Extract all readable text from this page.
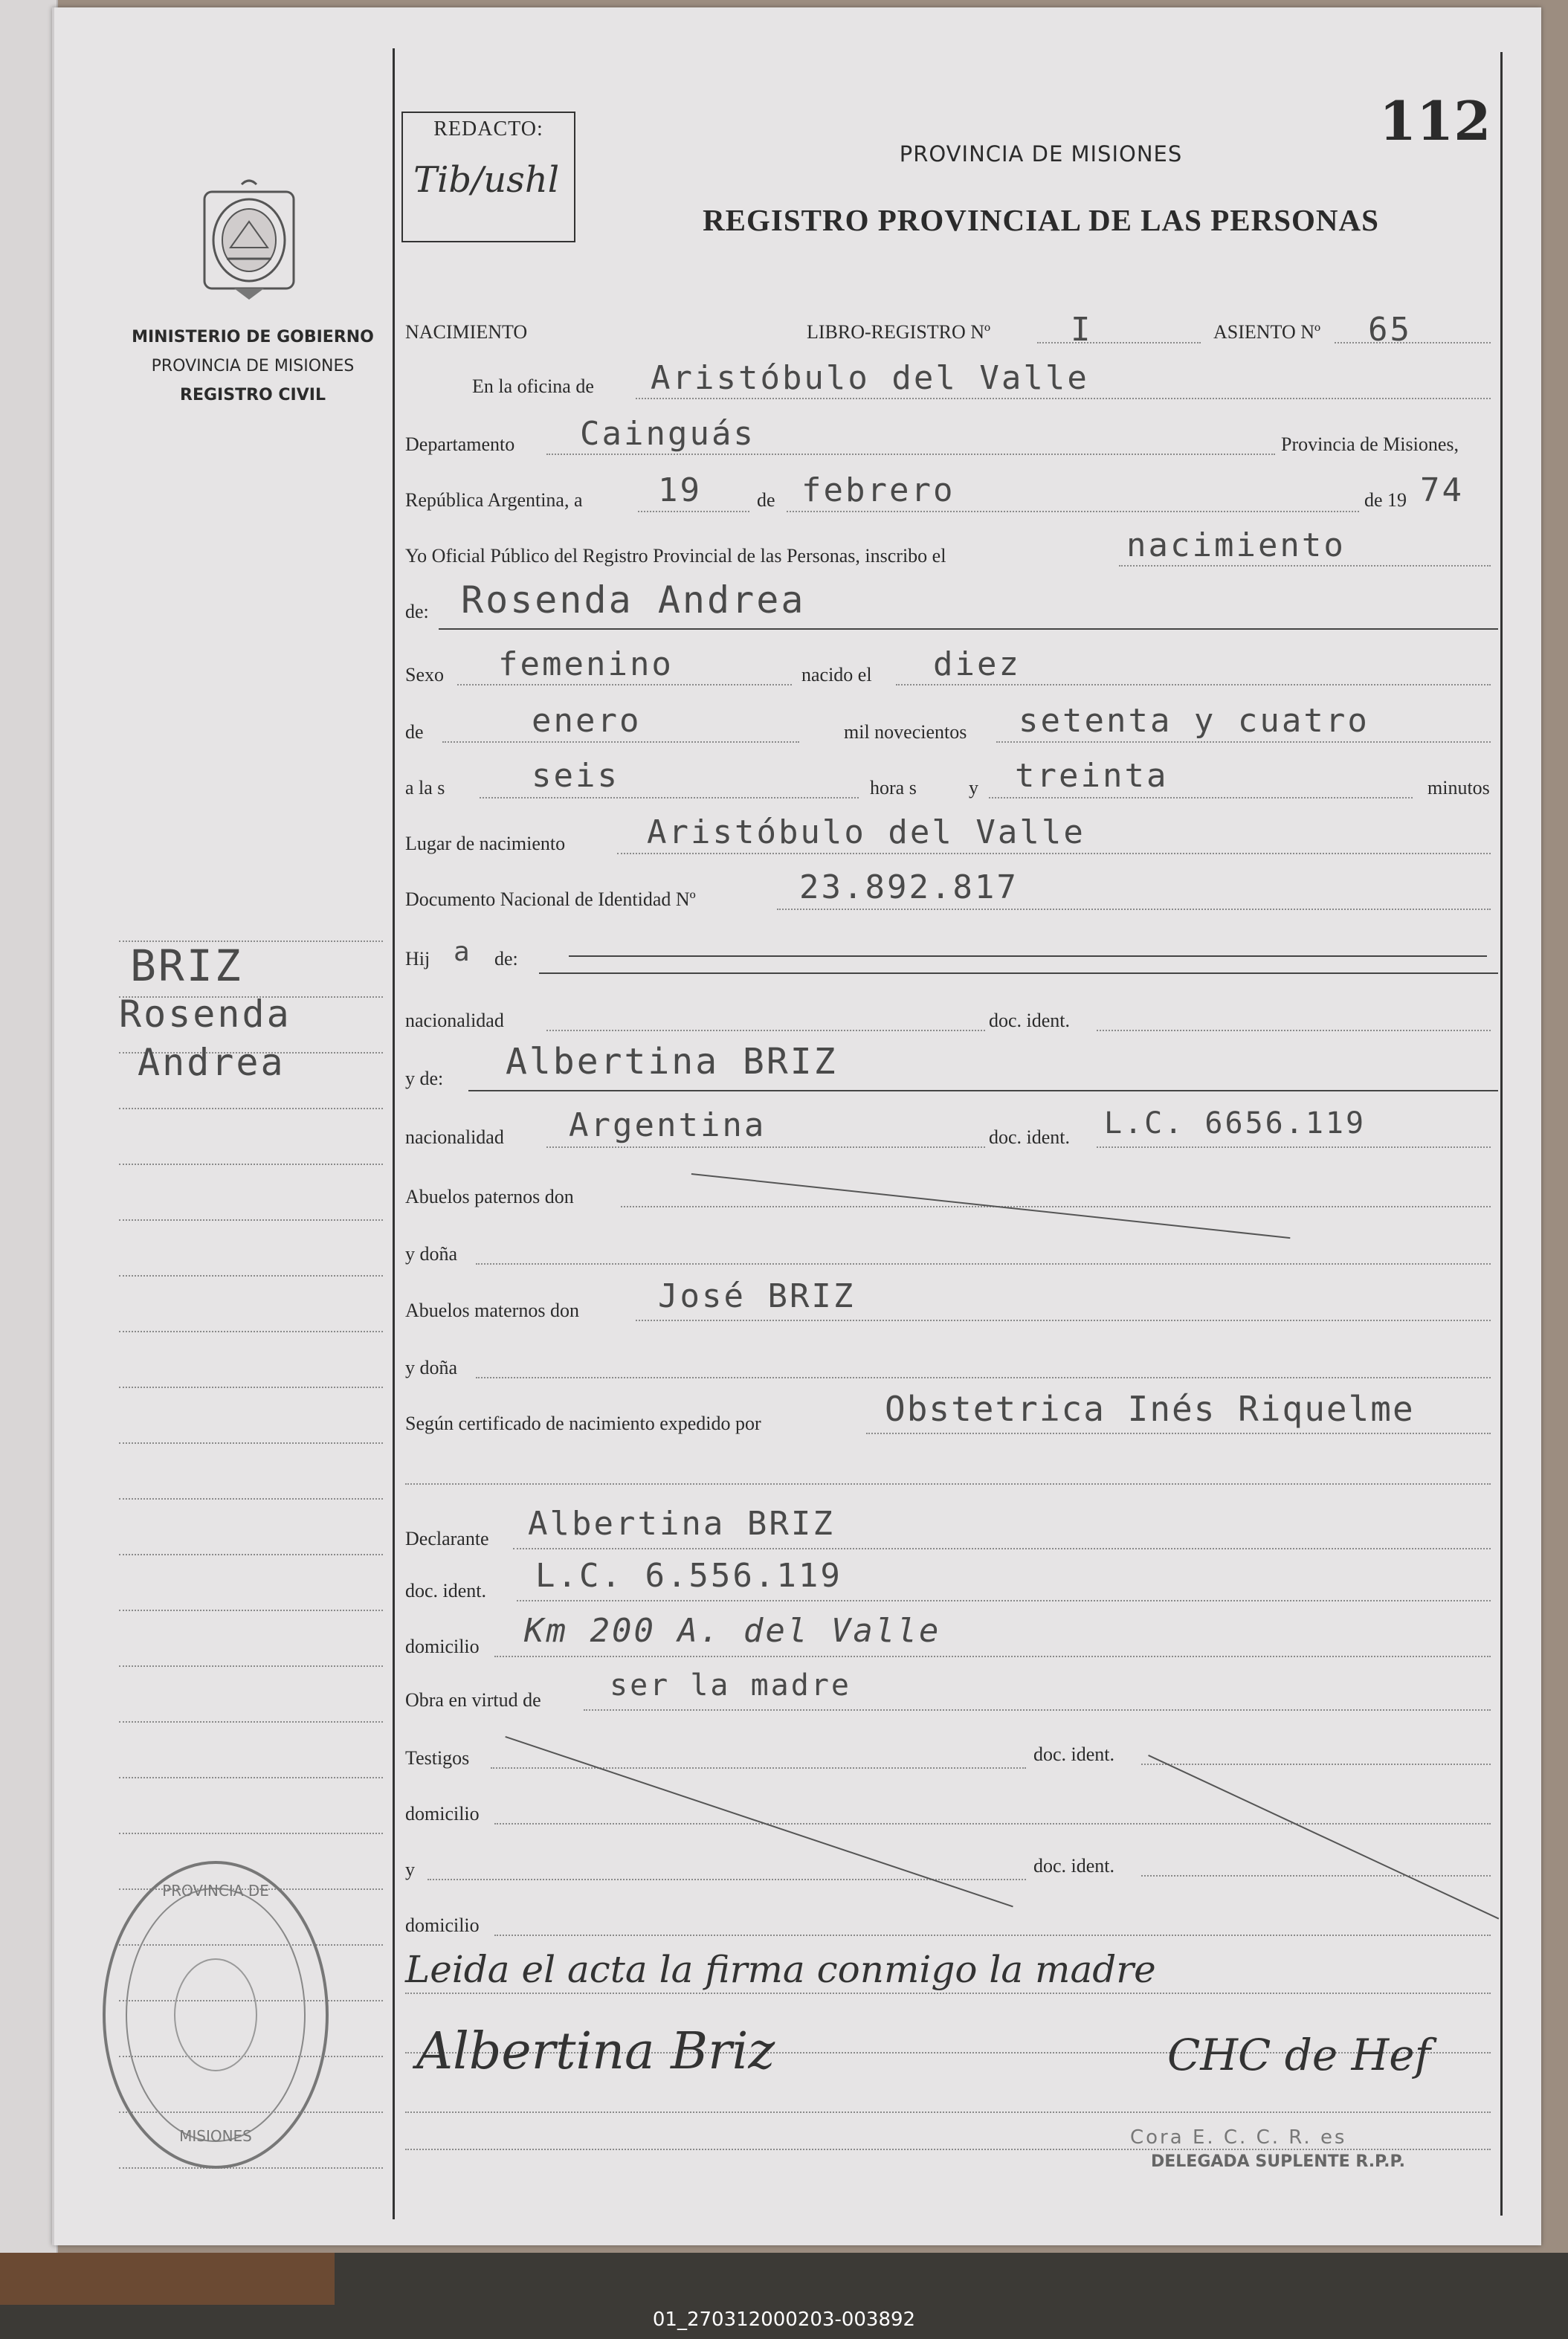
MINISTERIO DE GOBIERNO
PROVINCIA DE MISIONES
REGISTRO CIVIL
REDACTO:
Tib/ushl
112
PROVINCIA DE MISIONES
REGISTRO PROVINCIAL DE LAS PERSONAS
BRIZ
Rosenda
Andrea
PROVINCIA DE
MISIONES
NACIMIENTO	LIBRO-REGISTRO Nº I	ASIENTO Nº 65
En la oficina de Aristóbulo del Valle
Departamento Cainguás	Provincia de Misiones,
República Argentina, a 19	de febrero	de 19 74
Yo Oficial Público del Registro Provincial de las Personas, inscribo el	nacimiento
de: Rosenda Andrea
Sexo femenino	nacido el diez
de	enero	mil novecientos setenta y cuatro
a la s	seis	hora s	y treinta	minutos
Lugar de nacimiento Aristóbulo del Valle
Documento Nacional de Identidad Nº	23.892.817
Hij a de:
nacionalidad	doc. ident.
y de: Albertina BRIZ
nacionalidad Argentina	doc. ident. L.C. 6656.119
Abuelos paternos don
y doña
Abuelos maternos don José BRIZ
y doña
Según certificado de nacimiento expedido por	Obstetrica Inés Riquelme
Declarante Albertina BRIZ
doc. ident. L.C. 6.556.119
domicilio Km 200 A. del Valle
Obra en virtud de ser la madre
Testigos	doc. ident.
domicilio
y	doc. ident.
domicilio
Leida el acta la firma conmigo la madre
Albertina Briz	CHC de Hef
Cora E. C. C. R. es
DELEGADA SUPLENTE R.P.P.
01_270312000203-003892
